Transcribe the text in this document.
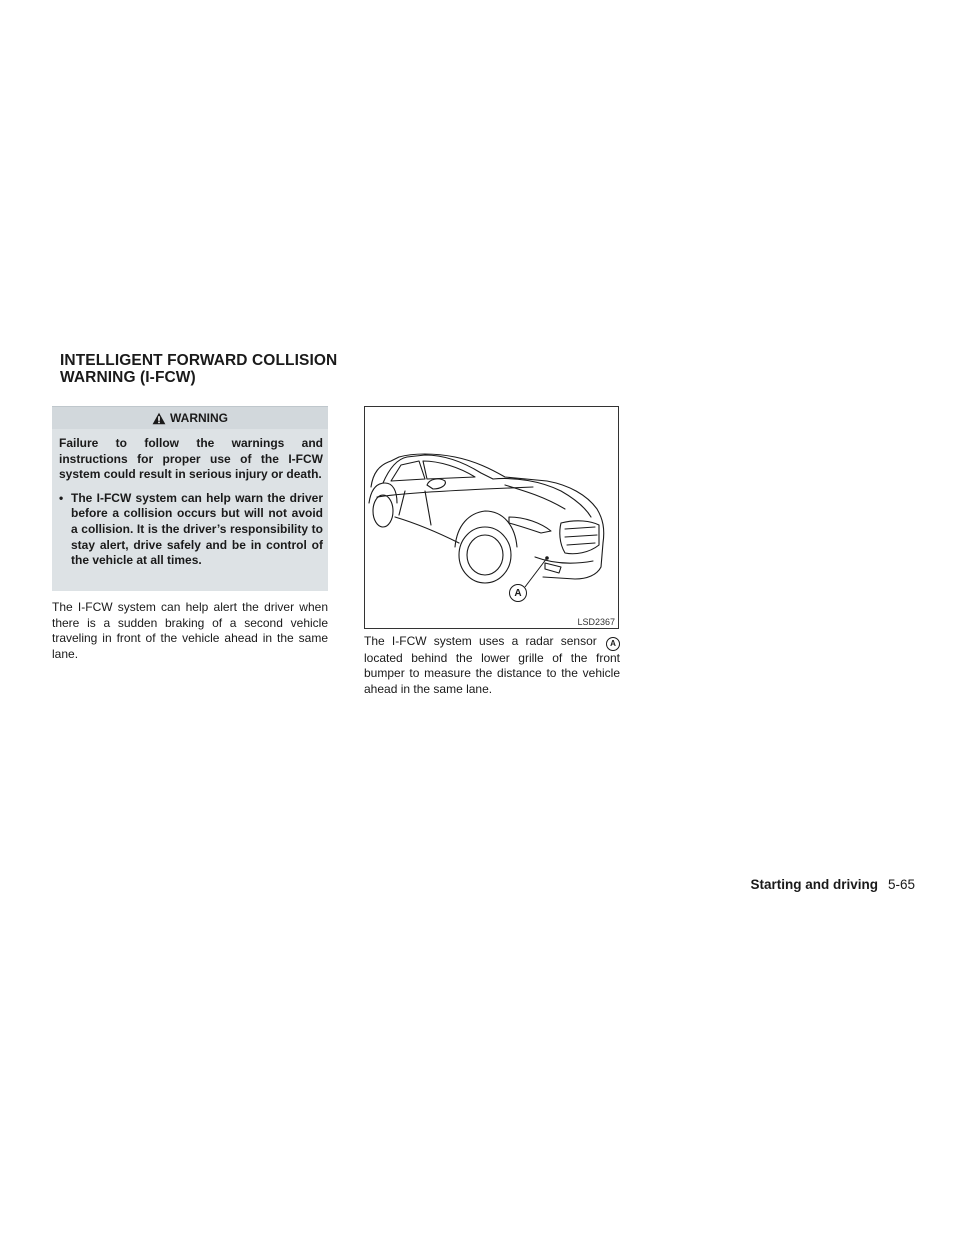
INTELLIGENT FORWARD COLLISION WARNING (I-FCW)
WARNING

Failure to follow the warnings and instructions for proper use of the I-FCW system could result in serious injury or death.

• The I-FCW system can help warn the driver before a collision occurs but will not avoid a collision. It is the driver’s responsibility to stay alert, drive safely and be in control of the vehicle at all times.
The I-FCW system can help alert the driver when there is a sudden braking of a second vehicle traveling in front of the vehicle ahead in the same lane.
A
LSD2367
The I-FCW system uses a radar sensor A located behind the lower grille of the front bumper to measure the distance to the vehicle ahead in the same lane.
Starting and driving 5-65
